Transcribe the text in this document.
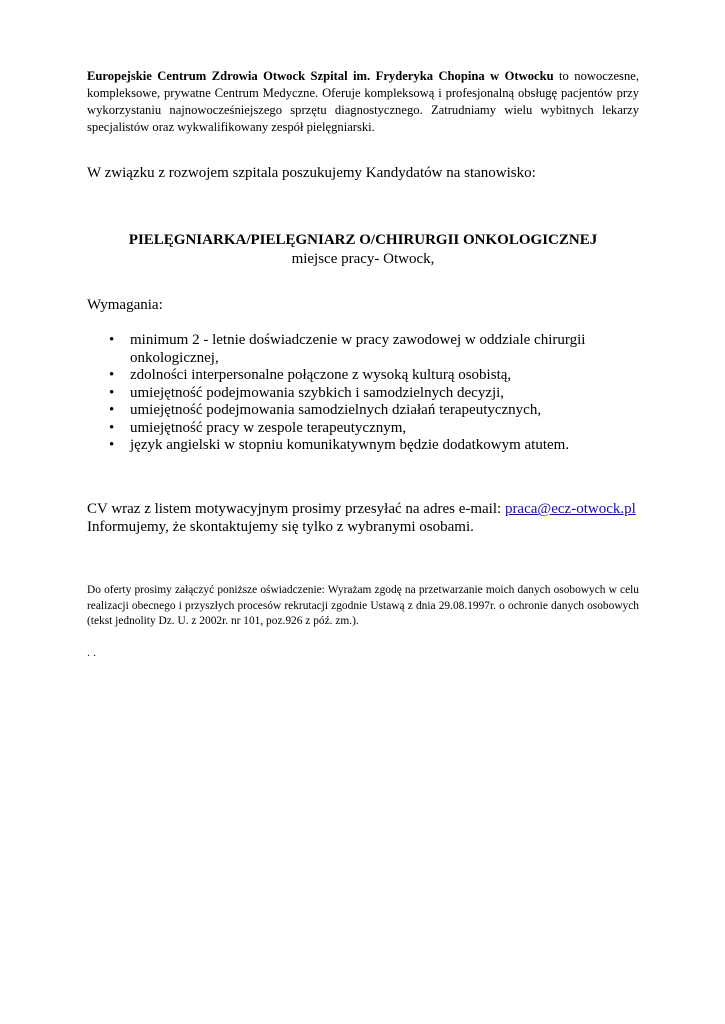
Europejskie Centrum Zdrowia Otwock Szpital im. Fryderyka Chopina w Otwocku to nowoczesne, kompleksowe, prywatne Centrum Medyczne. Oferuje kompleksową i profesjonalną obsługę pacjentów przy wykorzystaniu najnowocześniejszego sprzętu diagnostycznego. Zatrudniamy wielu wybitnych lekarzy specjalistów oraz wykwalifikowany zespół pielęgniarski.

W związku z rozwojem szpitala poszukujemy Kandydatów na stanowisko:

PIELĘGNIARKA/PIELĘGNIARZ O/CHIRURGII ONKOLOGICZNEJ
miejsce pracy- Otwock,

Wymagania:

• minimum 2 - letnie doświadczenie w pracy zawodowej w oddziale chirurgii onkologicznej,
• zdolności interpersonalne połączone z wysoką kulturą osobistą,
• umiejętność podejmowania szybkich i samodzielnych decyzji,
• umiejętność podejmowania samodzielnych działań terapeutycznych,
• umiejętność pracy w zespole terapeutycznym,
• język angielski w stopniu komunikatywnym będzie dodatkowym atutem.

CV wraz z listem motywacyjnym prosimy przesyłać na adres e-mail: praca@ecz-otwock.pl
Informujemy, że skontaktujemy się tylko z wybranymi osobami.

Do oferty prosimy załączyć poniższe oświadczenie: Wyrażam zgodę na przetwarzanie moich danych osobowych w celu realizacji obecnego i przyszłych procesów rekrutacji zgodnie Ustawą z dnia 29.08.1997r. o ochronie danych osobowych (tekst jednolity Dz. U. z 2002r. nr 101, poz.926 z póź. zm.).

. .
